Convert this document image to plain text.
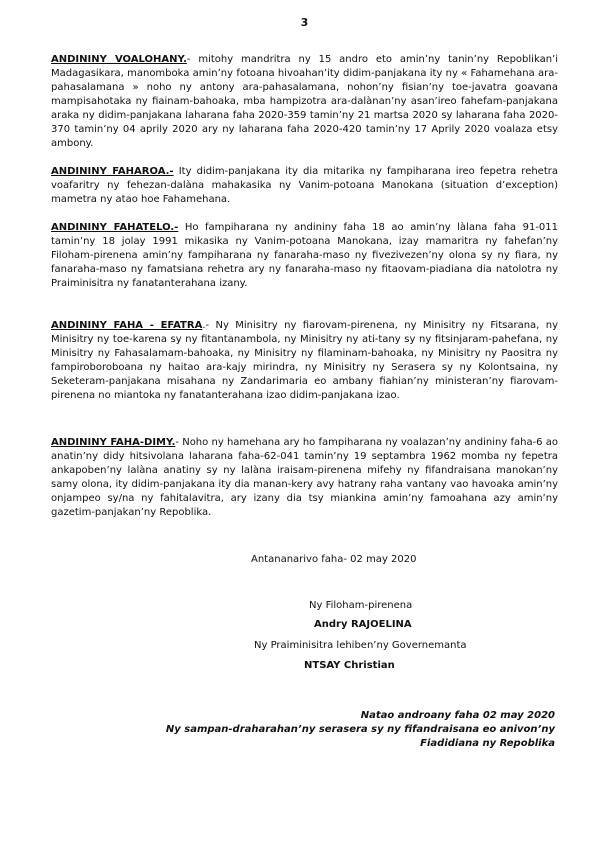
3

ANDININY VOALOHANY.- mitohy mandritra ny 15 andro eto amin’ny tanin’ny Repoblikan’i Madagasikara, manomboka amin’ny fotoana hivoahan’ity didim-panjakana ity ny « Fahamehana ara-pahasalamana » noho ny antony ara-pahasalamana, nohon’ny fisian’ny toe-javatra goavana mampisahotaka ny fiainam-bahoaka, mba hampizotra ara-dalànan’ny asan’ireo fahefam-panjakana araka ny didim-panjakana laharana faha 2020-359 tamin’ny 21 martsa 2020 sy laharana faha 2020-370 tamin’ny 04 aprily 2020 ary ny laharana faha 2020-420 tamin’ny 17 Aprily 2020 voalaza etsy ambony.

ANDININY FAHAROA.- Ity didim-panjakana ity dia mitarika ny fampiharana ireo fepetra rehetra voafaritry ny fehezan-dalàna mahakasika ny Vanim-potoana Manokana (situation d’exception) mametra ny atao hoe Fahamehana.

ANDININY FAHATELO.- Ho fampiharana ny andininy faha 18 ao amin’ny làlana faha 91-011 tamin’ny 18 jolay 1991 mikasika ny Vanim-potoana Manokana, izay mamaritra ny fahefan’ny Filoham-pirenena amin’ny fampiharana ny fanaraha-maso ny fivezivezen’ny olona sy ny fiara, ny fanaraha-maso ny famatsiana rehetra ary ny fanaraha-maso ny fitaovam-piadiana dia natolotra ny Praiminisitra ny fanatanterahana izany.

ANDININY FAHA - EFATRA.- Ny Minisitry ny fiarovam-pirenena, ny Minisitry ny Fitsarana, ny Minisitry ny toe-karena sy ny fitantanambola, ny Minisitry ny ati-tany sy ny fitsinjaram-pahefana, ny Minisitry ny Fahasalamam-bahoaka, ny Minisitry ny filaminam-bahoaka, ny Minisitry ny Paositra ny fampiroboroboana ny haitao ara-kajy mirindra, ny Minisitry ny Serasera sy ny Kolontsaina, ny Seketeram-panjakana misahana ny Zandarimaria eo ambany fiahian’ny ministeran’ny fiarovam-pirenena no miantoka ny fanatanterahana izao didim-panjakana izao.

ANDININY FAHA-DIMY.- Noho ny hamehana ary ho fampiharana ny voalazan’ny andininy faha-6 ao anatin’ny didy hitsivolana laharana faha-62-041 tamin’ny 19 septambra 1962 momba ny fepetra ankapoben’ny lalàna anatiny sy ny lalàna iraisam-pirenena mifehy ny fifandraisana manokan’ny samy olona, ity didim-panjakana ity dia manan-kery avy hatrany raha vantany vao havoaka amin’ny onjampeo sy/na ny fahitalavitra, ary izany dia tsy miankina amin’ny famoahana azy amin’ny gazetim-panjakan’ny Repoblika.

Antananarivo faha- 02 may 2020
Ny Filoham-pirenena
Andry RAJOELINA
Ny Praiminisitra lehiben’ny Governemanta
NTSAY Christian
Natao androany faha 02 may 2020
Ny sampan-draharahan’ny serasera sy ny fifandraisana eo anivon’ny
Fiadidiana ny Repoblika
